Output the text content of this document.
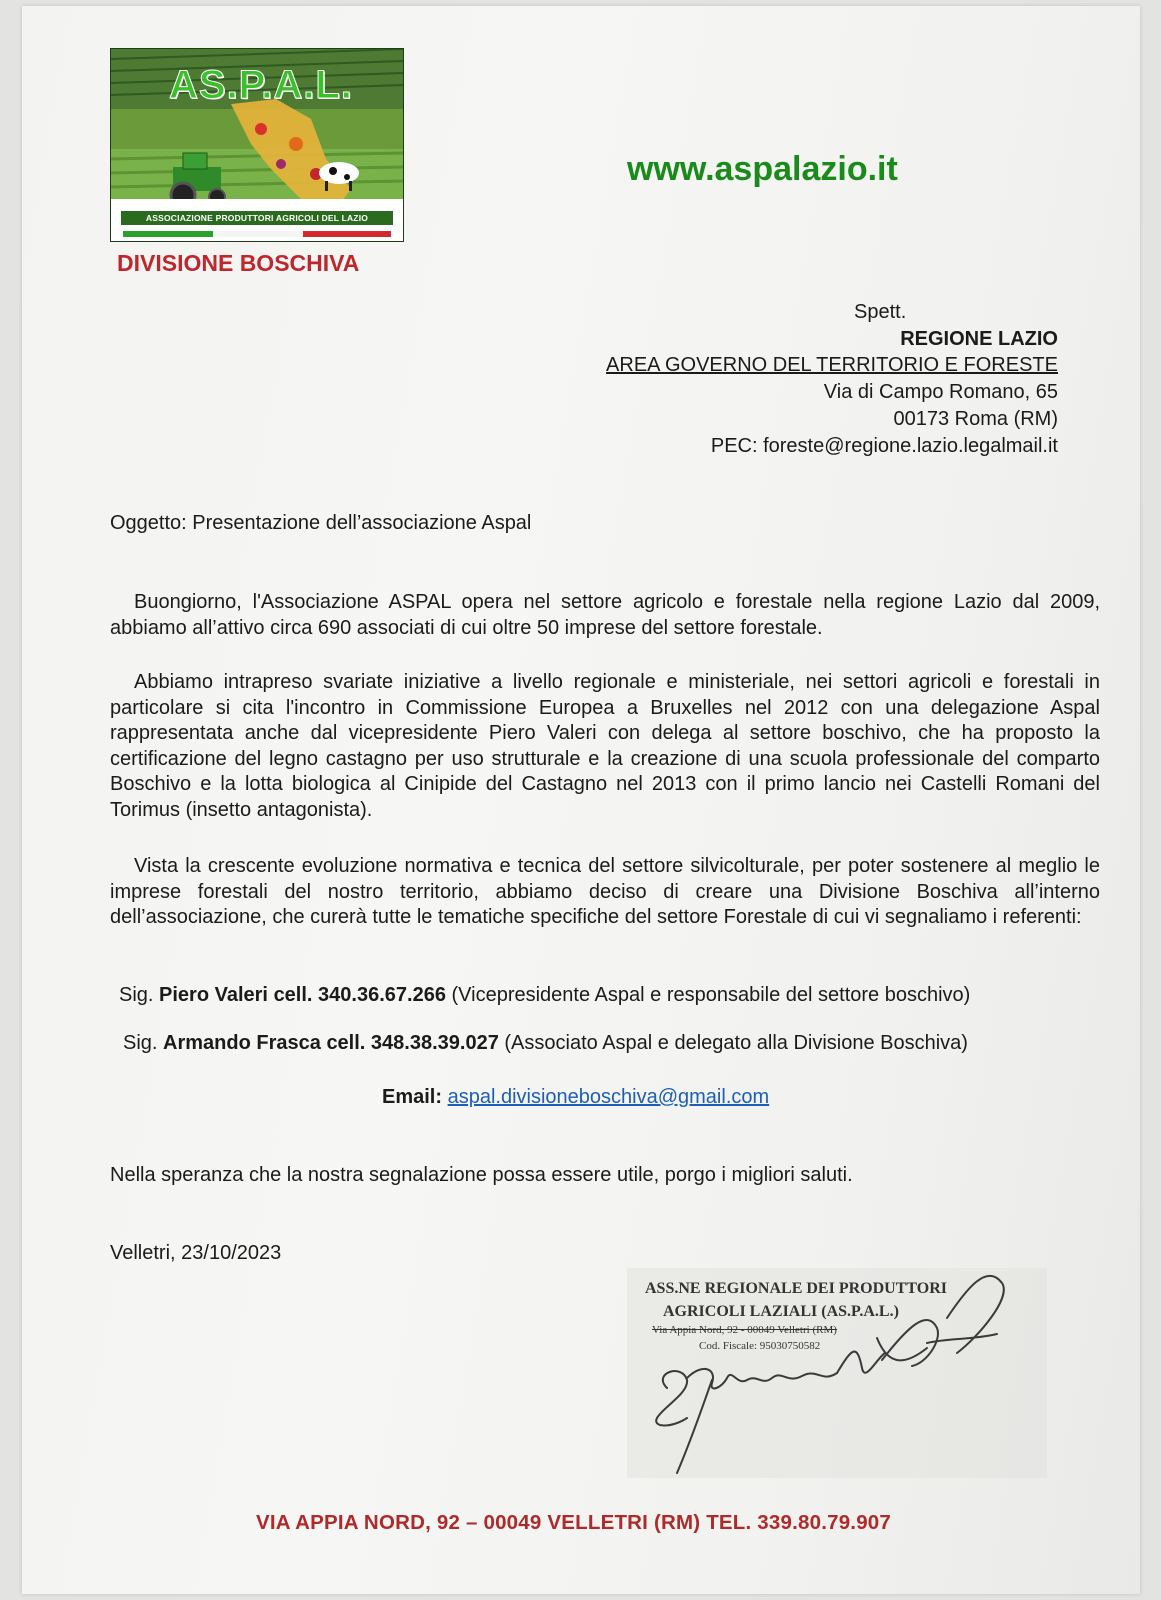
AS.P.A.L.
ASSOCIAZIONE PRODUTTORI AGRICOLI DEL LAZIO
DIVISIONE BOSCHIVA
www.aspalazio.it
Spett.
REGIONE LAZIO
AREA GOVERNO DEL TERRITORIO E FORESTE
Via di Campo Romano, 65
00173 Roma (RM)
PEC: foreste@regione.lazio.legalmail.it
Oggetto: Presentazione dell’associazione Aspal
Buongiorno, l'Associazione ASPAL opera nel settore agricolo e forestale nella regione Lazio dal 2009, abbiamo all’attivo circa 690 associati di cui oltre 50 imprese del settore forestale.
Abbiamo intrapreso svariate iniziative a livello regionale e ministeriale, nei settori agricoli e forestali in particolare si cita l'incontro in Commissione Europea a Bruxelles nel 2012 con una delegazione Aspal rappresentata anche dal vicepresidente Piero Valeri con delega al settore boschivo, che ha proposto la certificazione del legno castagno per uso strutturale e la creazione di una scuola professionale del comparto Boschivo e la lotta biologica al Cinipide del Castagno nel 2013 con il primo lancio nei Castelli Romani del Torimus (insetto antagonista).
Vista la crescente evoluzione normativa e tecnica del settore silvicolturale, per poter sostenere al meglio le imprese forestali del nostro territorio, abbiamo deciso di creare una Divisione Boschiva all’interno dell’associazione, che curerà tutte le tematiche specifiche del settore Forestale di cui vi segnaliamo i referenti:
Sig. Piero Valeri cell. 340.36.67.266 (Vicepresidente Aspal e responsabile del settore boschivo)
Sig. Armando Frasca cell. 348.38.39.027 (Associato Aspal e delegato alla Divisione Boschiva)
Email: aspal.divisioneboschiva@gmail.com
Nella speranza che la nostra segnalazione possa essere utile, porgo i migliori saluti.
Velletri, 23/10/2023
ASS.NE REGIONALE DEI PRODUTTORI
AGRICOLI LAZIALI (AS.P.A.L.)
Via Appia Nord, 92 - 00049 Velletri (RM)
Cod. Fiscale: 95030750582
VIA APPIA NORD, 92 – 00049 VELLETRI (RM) TEL. 339.80.79.907
